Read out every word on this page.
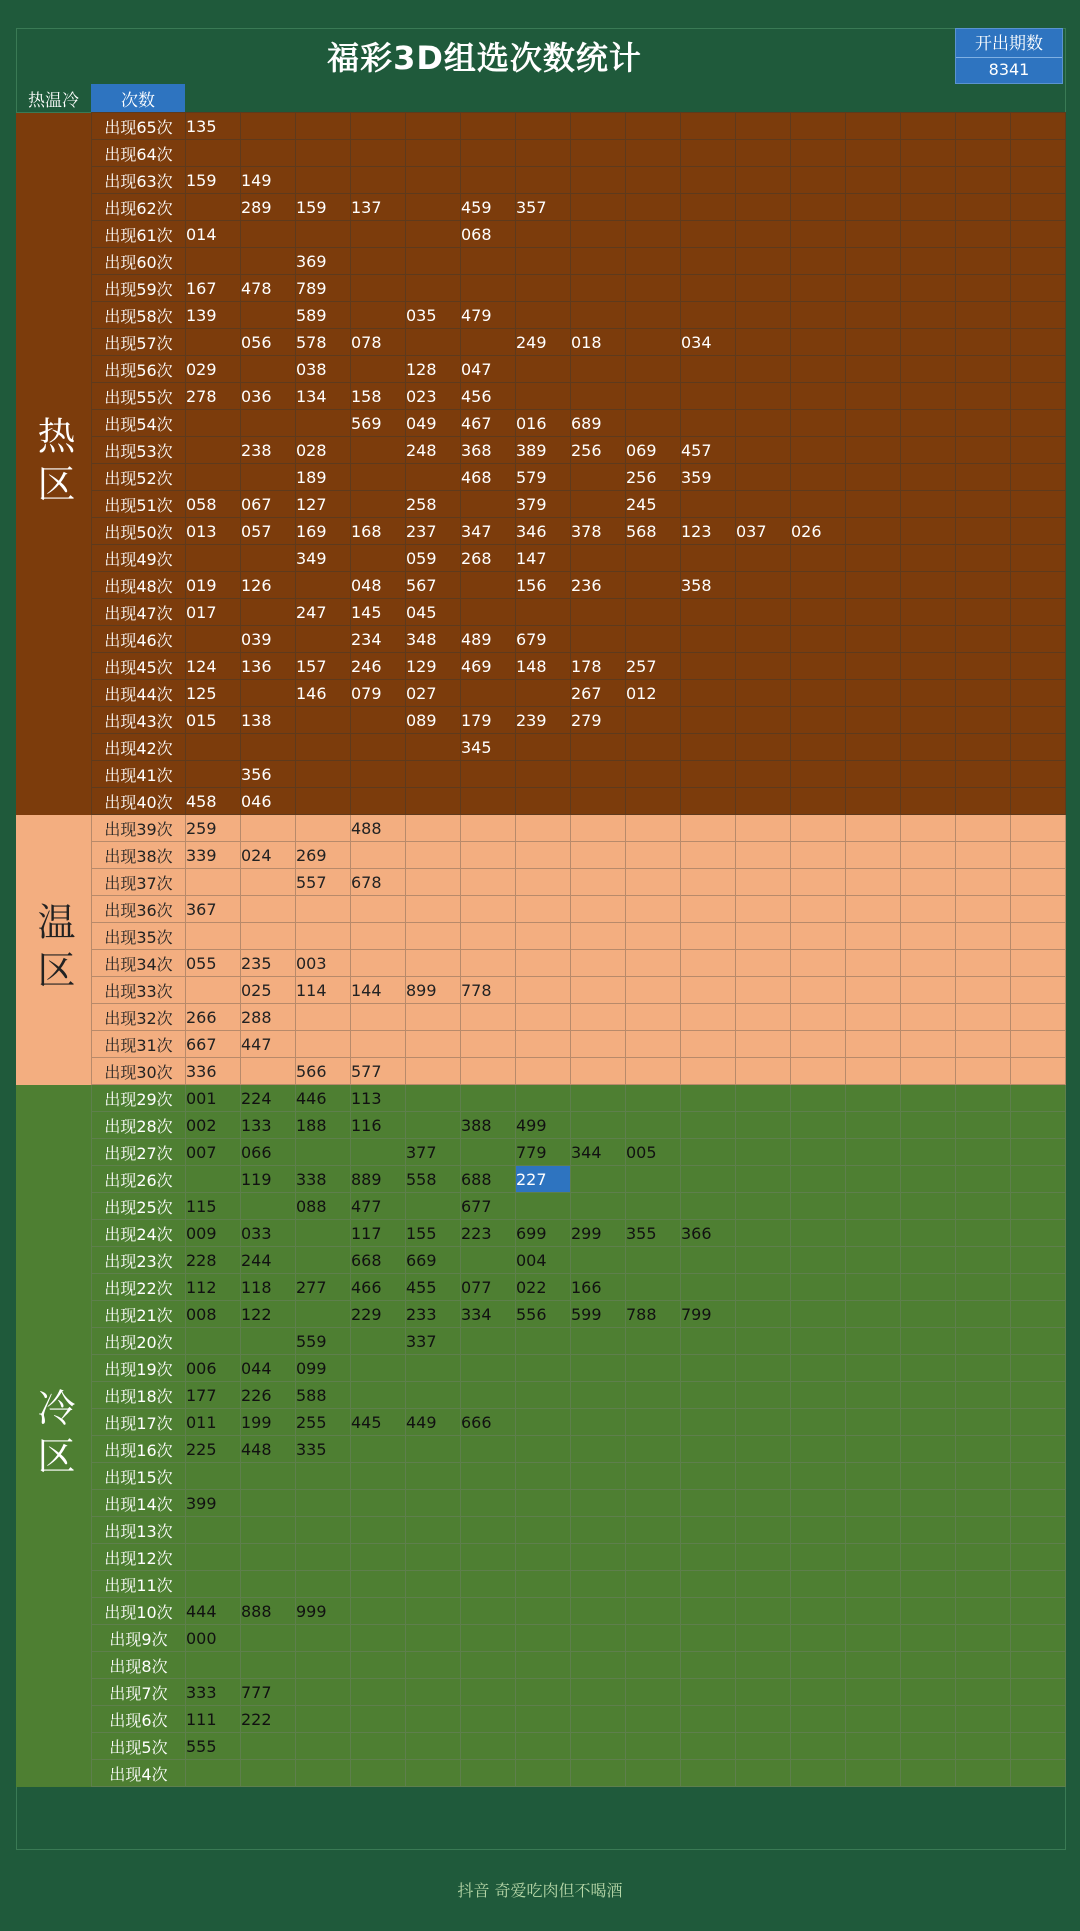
福彩3D组选次数统计	开出期数
8341
热温冷	次数
热区
温区
冷区
出现65次	135															
出现64次																
出现63次	159	149														
出现62次		289	159	137		459	357									
出现61次	014					068										
出现60次			369													
出现59次	167	478	789													
出现58次	139		589		035	479										
出现57次		056	578	078			249	018		034						
出现56次	029		038		128	047										
出现55次	278	036	134	158	023	456										
出现54次				569	049	467	016	689								
出现53次		238	028		248	368	389	256	069	457						
出现52次			189			468	579		256	359						
出现51次	058	067	127		258		379		245							
出现50次	013	057	169	168	237	347	346	378	568	123	037	026				
出现49次			349		059	268	147									
出现48次	019	126		048	567		156	236		358						
出现47次	017		247	145	045											
出现46次		039		234	348	489	679									
出现45次	124	136	157	246	129	469	148	178	257							
出现44次	125		146	079	027			267	012							
出现43次	015	138			089	179	239	279								
出现42次						345										
出现41次		356														
出现40次	458	046														
出现39次	259			488												
出现38次	339	024	269													
出现37次			557	678												
出现36次	367															
出现35次																
出现34次	055	235	003													
出现33次		025	114	144	899	778										
出现32次	266	288														
出现31次	667	447														
出现30次	336		566	577												
出现29次	001	224	446	113												
出现28次	002	133	188	116		388	499									
出现27次	007	066			377		779	344	005							
出现26次		119	338	889	558	688	227									
出现25次	115		088	477		677										
出现24次	009	033		117	155	223	699	299	355	366						
出现23次	228	244		668	669		004									
出现22次	112	118	277	466	455	077	022	166								
出现21次	008	122		229	233	334	556	599	788	799						
出现20次			559		337											
出现19次	006	044	099													
出现18次	177	226	588													
出现17次	011	199	255	445	449	666										
出现16次	225	448	335													
出现15次																
出现14次	399															
出现13次																
出现12次																
出现11次																
出现10次	444	888	999													
出现9次	000															
出现8次																
出现7次	333	777														
出现6次	111	222														
出现5次	555															
出现4次																
抖音 奇爱吃肉但不喝酒
